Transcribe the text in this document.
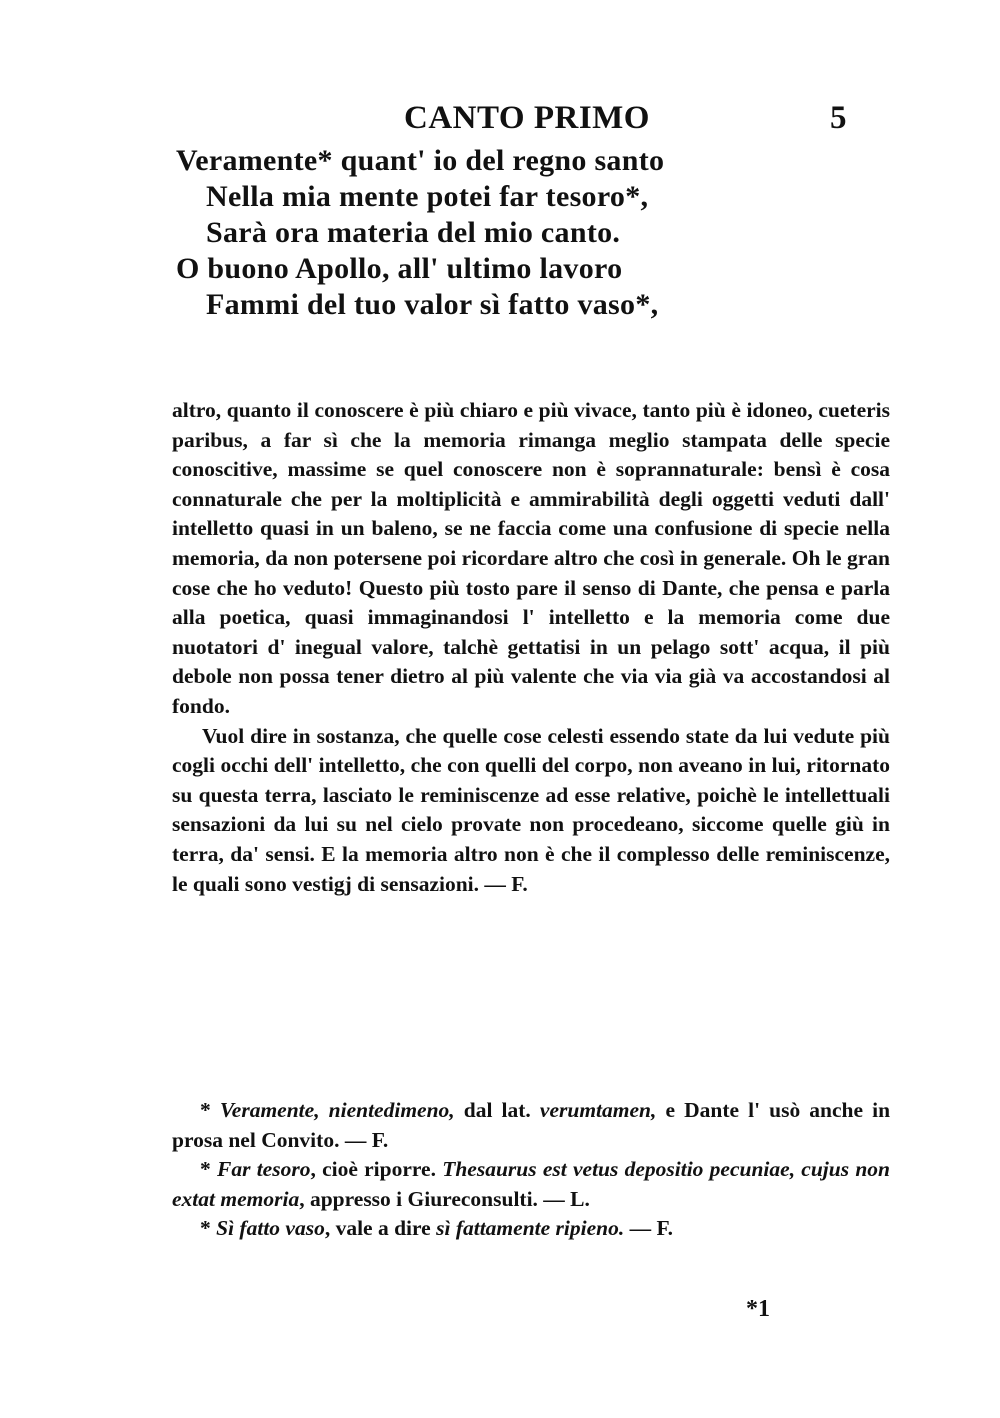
CANTO PRIMO	5
Veramente* quant' io del regno santo
Nella mia mente potei far tesoro*,
Sarà ora materia del mio canto.
O buono Apollo, all' ultimo lavoro
Fammi del tuo valor sì fatto vaso*,

altro, quanto il conoscere è più chiaro e più vivace, tanto più è idoneo, cueteris paribus, a far sì che la memoria rimanga meglio stampata delle specie conoscitive, massime se quel conoscere non è soprannaturale: bensì è cosa connaturale che per la moltiplicità e ammirabilità degli oggetti veduti dall' intelletto quasi in un baleno, se ne faccia come una confusione di specie nella memoria, da non potersene poi ricordare altro che così in generale. Oh le gran cose che ho veduto! Questo più tosto pare il senso di Dante, che pensa e parla alla poetica, quasi immaginandosi l' intelletto e la memoria come due nuotatori d' inegual valore, talchè gettatisi in un pelago sott' acqua, il più debole non possa tener dietro al più valente che via via già va accostandosi al fondo.

Vuol dire in sostanza, che quelle cose celesti essendo state da lui vedute più cogli occhi dell' intelletto, che con quelli del corpo, non aveano in lui, ritornato su questa terra, lasciato le reminiscenze ad esse relative, poichè le intellettuali sensazioni da lui su nel cielo provate non procedeano, siccome quelle giù in terra, da' sensi. E la memoria altro non è che il complesso delle reminiscenze, le quali sono vestigj di sensazioni. — F.

* Veramente, nientedimeno, dal lat. verumtamen, e Dante l' usò anche in prosa nel Convito. — F.

* Far tesoro, cioè riporre. Thesaurus est vetus depositio pecuniae, cujus non extat memoria, appresso i Giureconsulti. — L.

* Sì fatto vaso, vale a dire sì fattamente ripieno. — F.

*1
